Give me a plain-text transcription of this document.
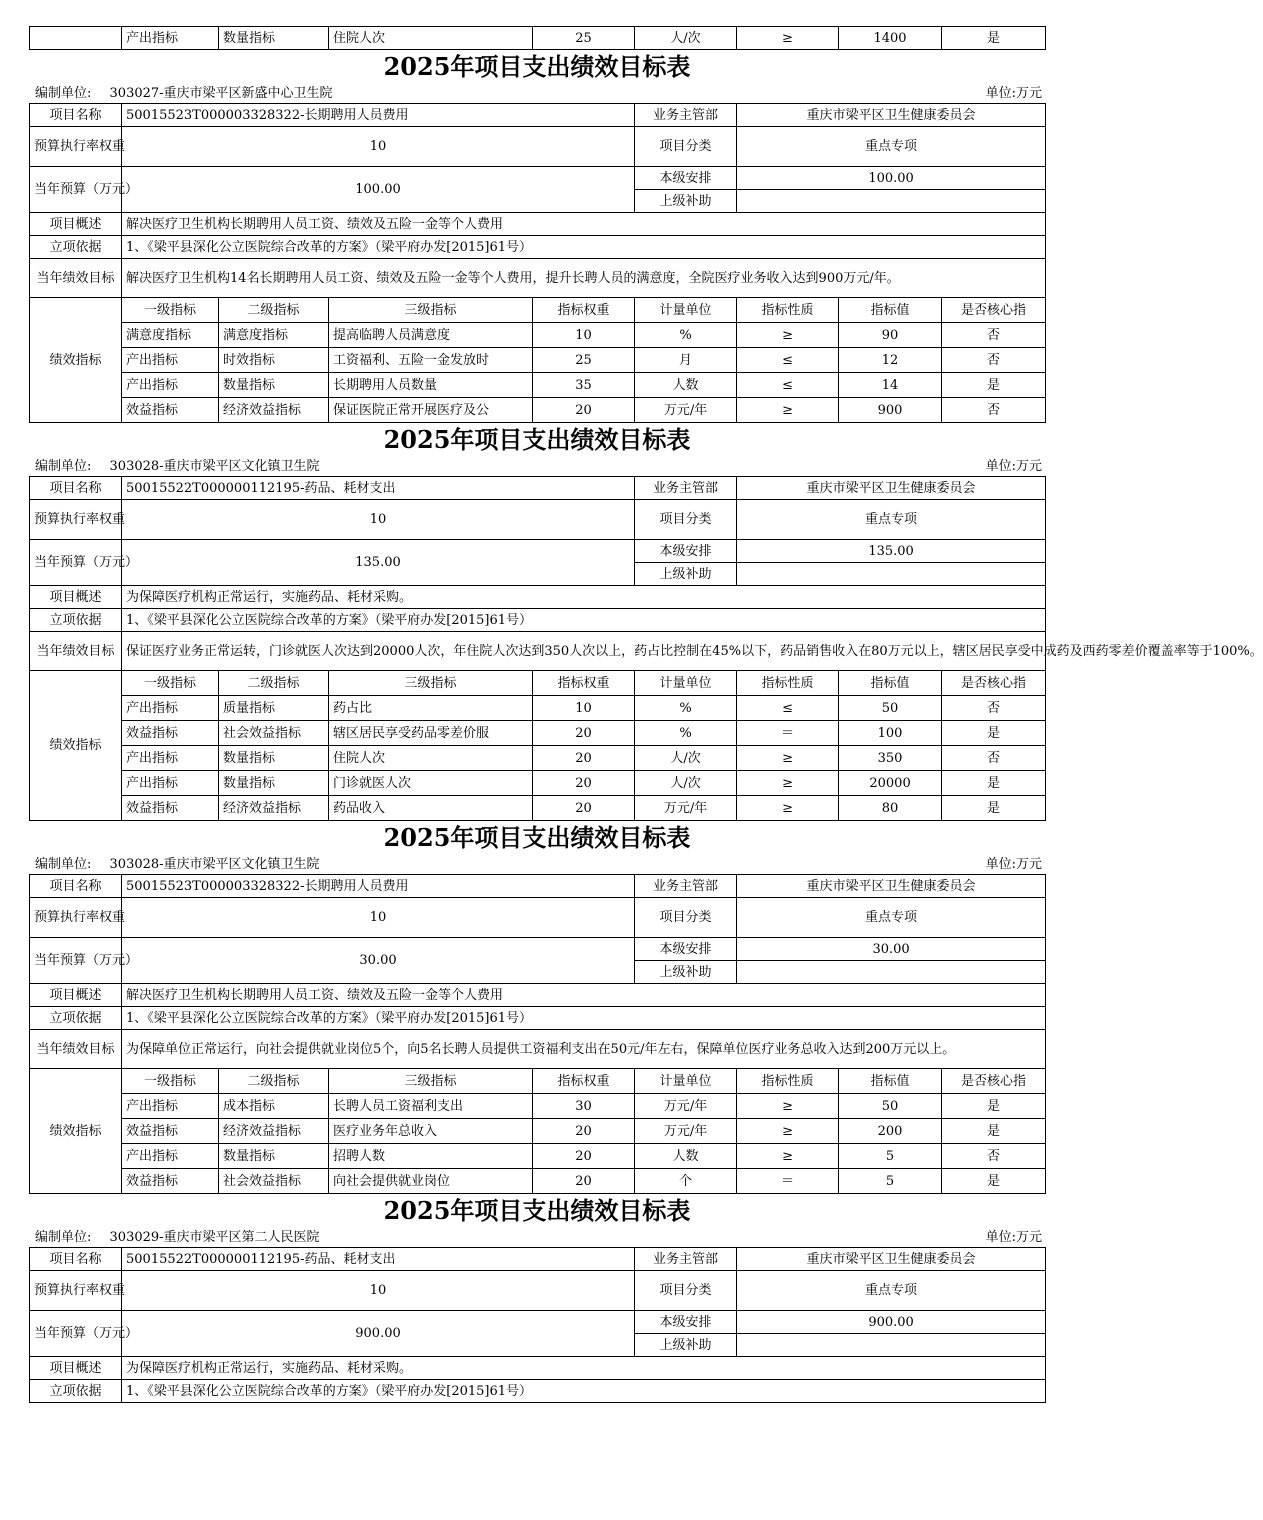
	产出指标	数量指标	住院人次	25	人/次	≥	1400	是
2025年项目支出绩效目标表
编制单位: 303027-重庆市梁平区新盛中心卫生院	单位:万元
项目名称	50015523T000003328322-长期聘用人员费用				业务主管部	重庆市梁平区卫生健康委员会		
预算执行率权重	10				项目分类	重点专项		
当年预算（万元）	100.00				本级安排	100.00		
					上级补助			
项目概述	解决医疗卫生机构长期聘用人员工资、绩效及五险一金等个人费用							
立项依据	1、《梁平县深化公立医院综合改革的方案》（梁平府办发[2015]61号）							
当年绩效目标	解决医疗卫生机构14名长期聘用人员工资、绩效及五险一金等个人费用，提升长聘人员的满意度，全院医疗业务收入达到900万元/年。							
绩效指标	一级指标	二级指标	三级指标	指标权重	计量单位	指标性质	指标值	是否核心指
	满意度指标	满意度指标	提高临聘人员满意度	10	%	≥	90	否
	产出指标	时效指标	工资福利、五险一金发放时	25	月	≤	12	否
	产出指标	数量指标	长期聘用人员数量	35	人数	≤	14	是
	效益指标	经济效益指标	保证医院正常开展医疗及公	20	万元/年	≥	900	否
2025年项目支出绩效目标表
编制单位: 303028-重庆市梁平区文化镇卫生院	单位:万元
项目名称	50015522T000000112195-药品、耗材支出				业务主管部	重庆市梁平区卫生健康委员会		
预算执行率权重	10				项目分类	重点专项		
当年预算（万元）	135.00				本级安排	135.00		
					上级补助			
项目概述	为保障医疗机构正常运行，实施药品、耗材采购。							
立项依据	1、《梁平县深化公立医院综合改革的方案》（梁平府办发[2015]61号）							
当年绩效目标	保证医疗业务正常运转，门诊就医人次达到20000人次，年住院人次达到350人次以上，药占比控制在45%以下，药品销售收入在80万元以上，辖区居民享受中成药及西药零差价覆盖率等于100%。							
绩效指标	一级指标	二级指标	三级指标	指标权重	计量单位	指标性质	指标值	是否核心指
	产出指标	质量指标	药占比	10	%	≤	50	否
	效益指标	社会效益指标	辖区居民享受药品零差价服	20	%	＝	100	是
	产出指标	数量指标	住院人次	20	人/次	≥	350	否
	产出指标	数量指标	门诊就医人次	20	人/次	≥	20000	是
	效益指标	经济效益指标	药品收入	20	万元/年	≥	80	是
2025年项目支出绩效目标表
编制单位: 303028-重庆市梁平区文化镇卫生院	单位:万元
项目名称	50015523T000003328322-长期聘用人员费用				业务主管部	重庆市梁平区卫生健康委员会		
预算执行率权重	10				项目分类	重点专项		
当年预算（万元）	30.00				本级安排	30.00		
					上级补助			
项目概述	解决医疗卫生机构长期聘用人员工资、绩效及五险一金等个人费用							
立项依据	1、《梁平县深化公立医院综合改革的方案》（梁平府办发[2015]61号）							
当年绩效目标	为保障单位正常运行，向社会提供就业岗位5个，向5名长聘人员提供工资福利支出在50元/年左右，保障单位医疗业务总收入达到200万元以上。							
绩效指标	一级指标	二级指标	三级指标	指标权重	计量单位	指标性质	指标值	是否核心指
	产出指标	成本指标	长聘人员工资福利支出	30	万元/年	≥	50	是
	效益指标	经济效益指标	医疗业务年总收入	20	万元/年	≥	200	是
	产出指标	数量指标	招聘人数	20	人数	≥	5	否
	效益指标	社会效益指标	向社会提供就业岗位	20	个	＝	5	是
2025年项目支出绩效目标表
编制单位: 303029-重庆市梁平区第二人民医院	单位:万元
项目名称	50015522T000000112195-药品、耗材支出	业务主管部	重庆市梁平区卫生健康委员会
预算执行率权重	10	项目分类	重点专项
当年预算（万元）	900.00	本级安排	900.00
		上级补助	
项目概述	为保障医疗机构正常运行，实施药品、耗材采购。		
立项依据	1、《梁平县深化公立医院综合改革的方案》（梁平府办发[2015]61号）		
